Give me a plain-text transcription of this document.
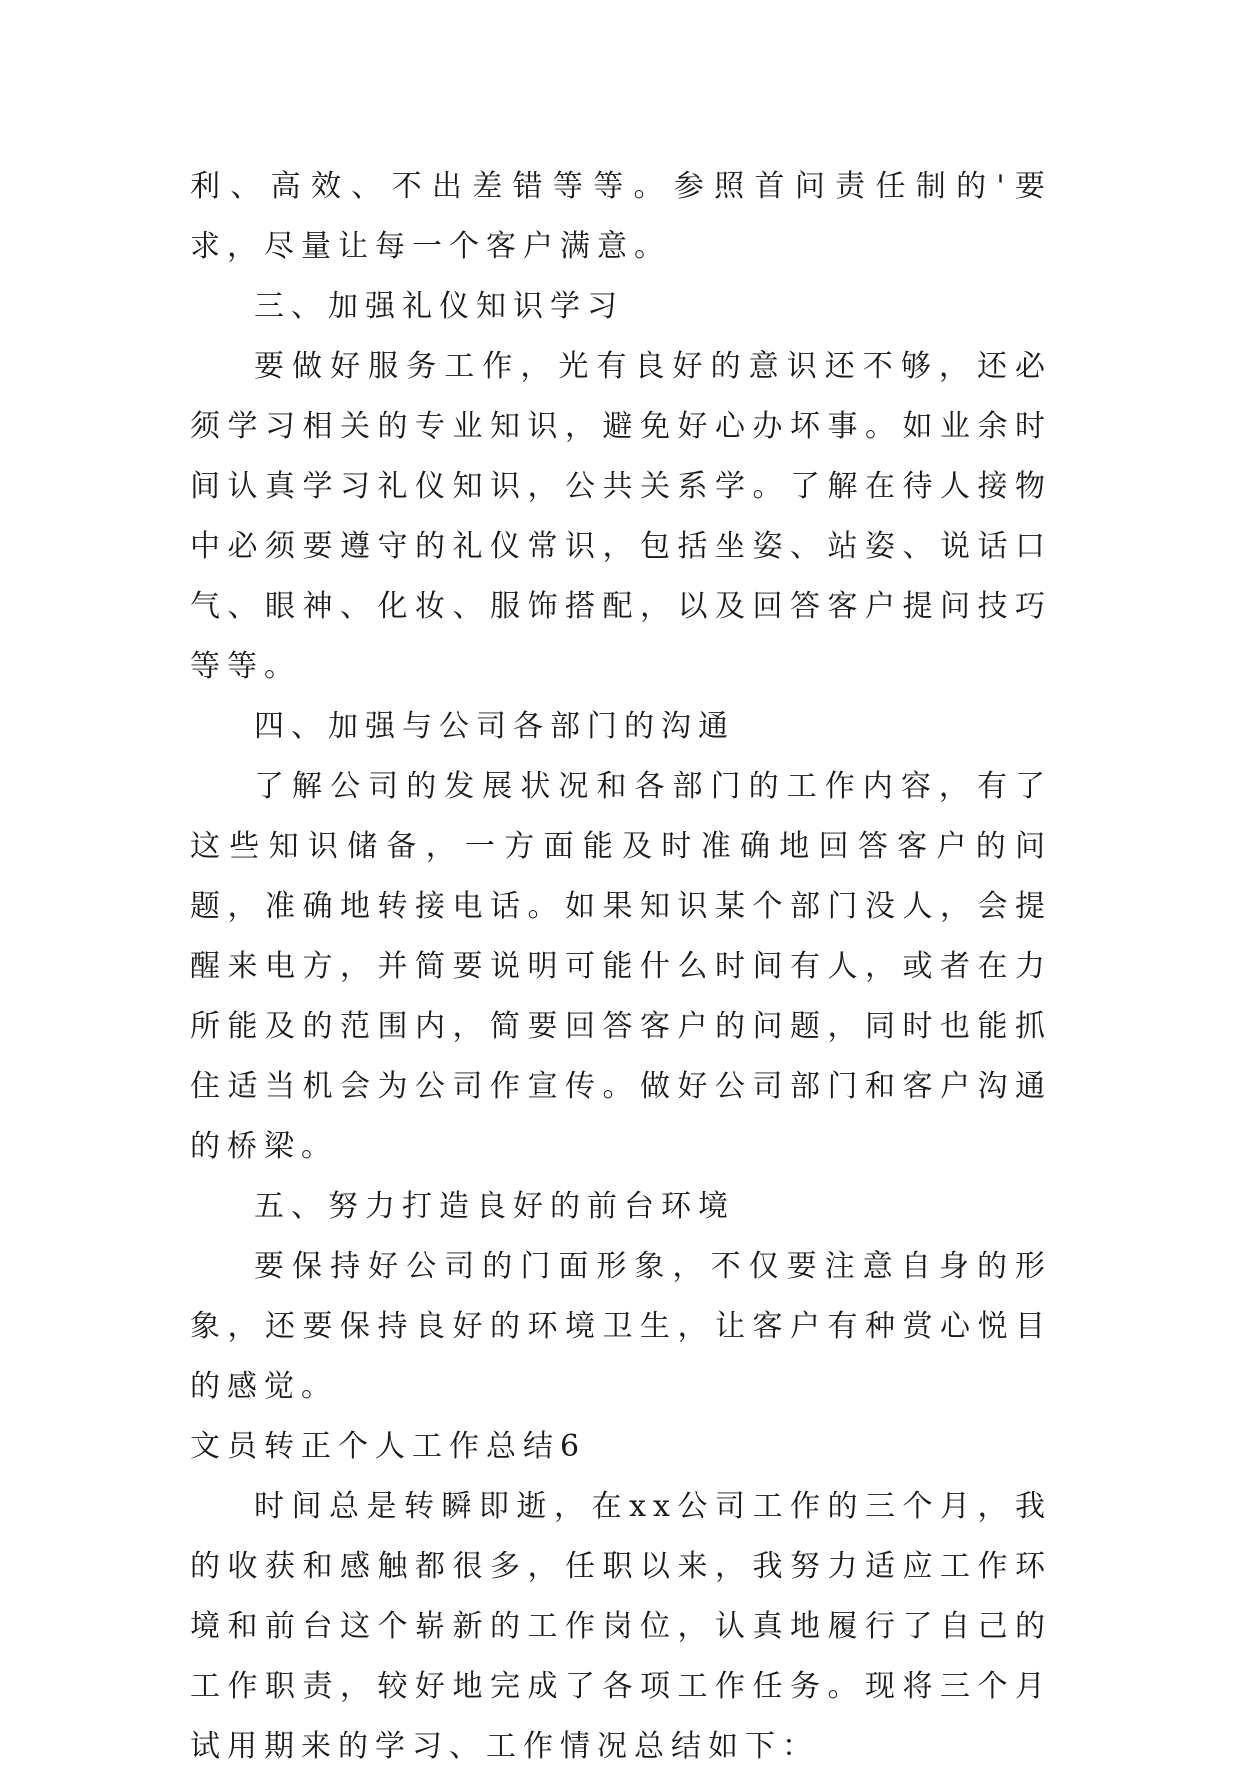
利、高效、不出差错等等。参照首问责任制的'要求，尽量让每一个客户满意。

三、加强礼仪知识学习

要做好服务工作，光有良好的意识还不够，还必须学习相关的专业知识，避免好心办坏事。如业余时间认真学习礼仪知识，公共关系学。了解在待人接物中必须要遵守的礼仪常识，包括坐姿、站姿、说话口气、眼神、化妆、服饰搭配，以及回答客户提问技巧等等。

四、加强与公司各部门的沟通

了解公司的发展状况和各部门的工作内容，有了这些知识储备，一方面能及时准确地回答客户的问题，准确地转接电话。如果知识某个部门没人，会提醒来电方，并简要说明可能什么时间有人，或者在力所能及的范围内，简要回答客户的问题，同时也能抓住适当机会为公司作宣传。做好公司部门和客户沟通的桥梁。

五、努力打造良好的前台环境

要保持好公司的门面形象，不仅要注意自身的形象，还要保持良好的环境卫生，让客户有种赏心悦目的感觉。

文员转正个人工作总结6

时间总是转瞬即逝，在xx公司工作的三个月，我的收获和感触都很多，任职以来，我努力适应工作环境和前台这个崭新的工作岗位，认真地履行了自己的工作职责，较好地完成了各项工作任务。现将三个月试用期来的学习、工作情况总结如下：
